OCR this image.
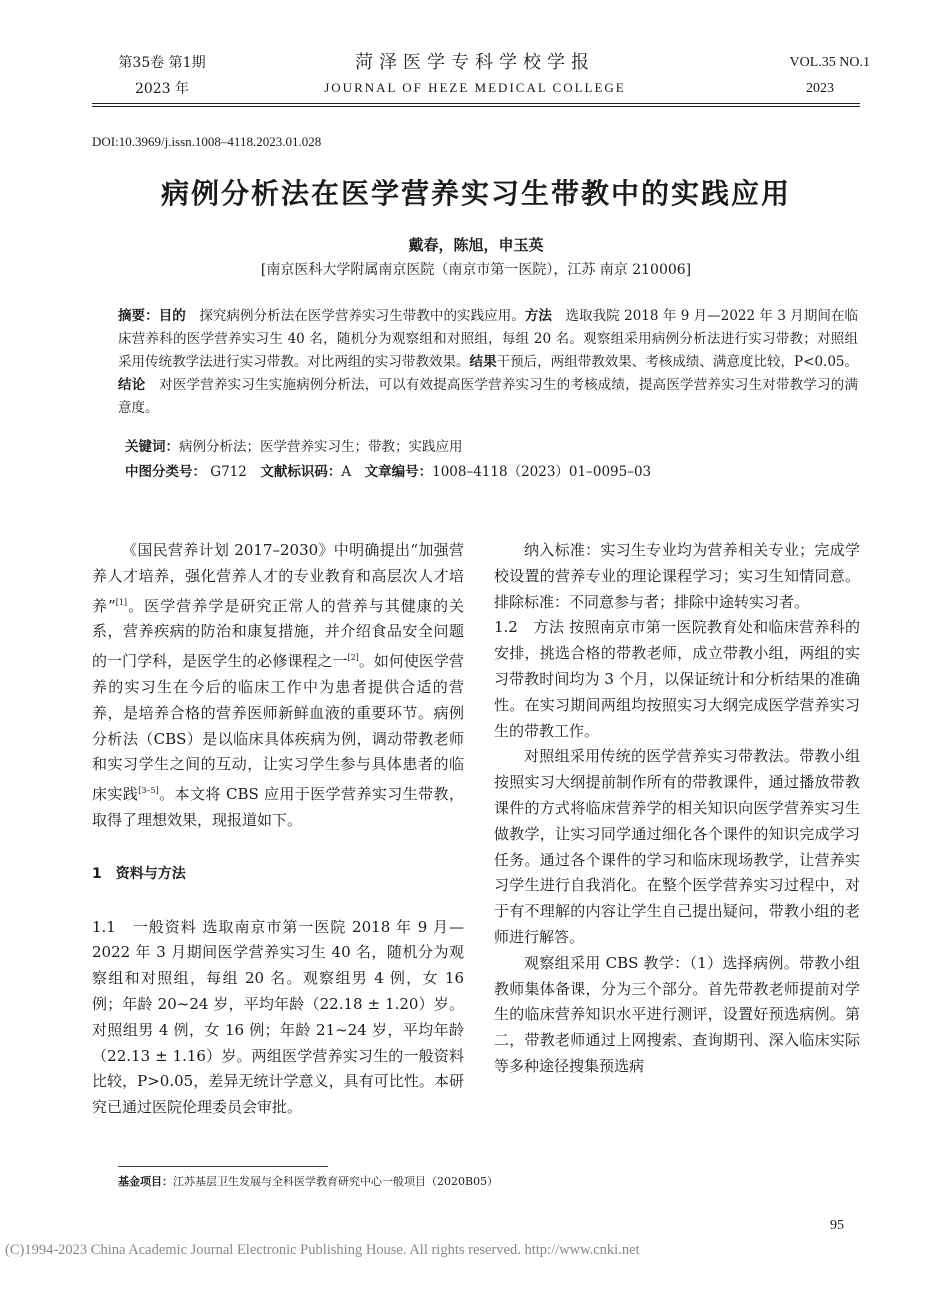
第35卷 第1期
2023 年
菏泽医学专科学校学报
JOURNAL OF HEZE MEDICAL COLLEGE
VOL.35 NO.1
2023
DOI:10.3969/j.issn.1008–4118.2023.01.028
病例分析法在医学营养实习生带教中的实践应用
戴春，陈旭，申玉英
[南京医科大学附属南京医院（南京市第一医院），江苏 南京 210006]
摘要：目的　 探究病例分析法在医学营养实习生带教中的实践应用。方法　 选取我院 2018 年 9 月—2022 年 3 月期间在临床营养科的医学营养实习生 40 名，随机分为观察组和对照组，每组 20 名。观察组采用病例分析法进行实习带教；对照组采用传统教学法进行实习带教。对比两组的实习带教效果。结果干预后，两组带教效果、考核成绩、满意度比较，P<0.05。结论　 对医学营养实习生实施病例分析法，可以有效提高医学营养实习生的考核成绩，提高医学营养实习生对带教学习的满意度。
关键词：病例分析法；医学营养实习生；带教；实践应用
中图分类号： G712　 文献标识码：A　 文章编号：1008–4118（2023）01–0095–03

《国民营养计划 2017–2030》中明确提出“加强营养人才培养，强化营养人才的专业教育和高层次人才培养”[1]。医学营养学是研究正常人的营养与其健康的关系，营养疾病的防治和康复措施，并介绍食品安全问题的一门学科，是医学生的必修课程之一[2]。如何使医学营养的实习生在今后的临床工作中为患者提供合适的营养，是培养合格的营养医师新鲜血液的重要环节。病例分析法（CBS）是以临床具体疾病为例，调动带教老师和实习学生之间的互动，让实习学生参与具体患者的临床实践[3–5]。本文将 CBS 应用于医学营养实习生带教，取得了理想效果，现报道如下。

1　资料与方法

1.1　一般资料 选取南京市第一医院 2018 年 9 月—2022 年 3 月期间医学营养实习生 40 名，随机分为观察组和对照组，每组 20 名。观察组男 4 例，女 16 例；年龄 20~24 岁，平均年龄（22.18 ± 1.20）岁。对照组男 4 例，女 16 例；年龄 21~24 岁，平均年龄（22.13 ± 1.16）岁。两组医学营养实习生的一般资料比较，P>0.05，差异无统计学意义，具有可比性。本研究已通过医院伦理委员会审批。

纳入标准：实习生专业均为营养相关专业；完成学校设置的营养专业的理论课程学习；实习生知情同意。排除标准：不同意参与者；排除中途转实习者。

1.2　方法 按照南京市第一医院教育处和临床营养科的安排，挑选合格的带教老师，成立带教小组，两组的实习带教时间均为 3 个月，以保证统计和分析结果的准确性。在实习期间两组均按照实习大纲完成医学营养实习生的带教工作。

对照组采用传统的医学营养实习带教法。带教小组按照实习大纲提前制作所有的带教课件，通过播放带教课件的方式将临床营养学的相关知识向医学营养实习生做教学，让实习同学通过细化各个课件的知识完成学习任务。通过各个课件的学习和临床现场教学，让营养实习学生进行自我消化。在整个医学营养实习过程中，对于有不理解的内容让学生自己提出疑问，带教小组的老师进行解答。

观察组采用 CBS 教学：（1）选择病例。带教小组教师集体备课，分为三个部分。首先带教老师提前对学生的临床营养知识水平进行测评，设置好预选病例。第二，带教老师通过上网搜索、查询期刊、深入临床实际等多种途径搜集预选病

基金项目：江苏基层卫生发展与全科医学教育研究中心一般项目（2020B05）
95
(C)1994-2023 China Academic Journal Electronic Publishing House. All rights reserved. http://www.cnki.net
